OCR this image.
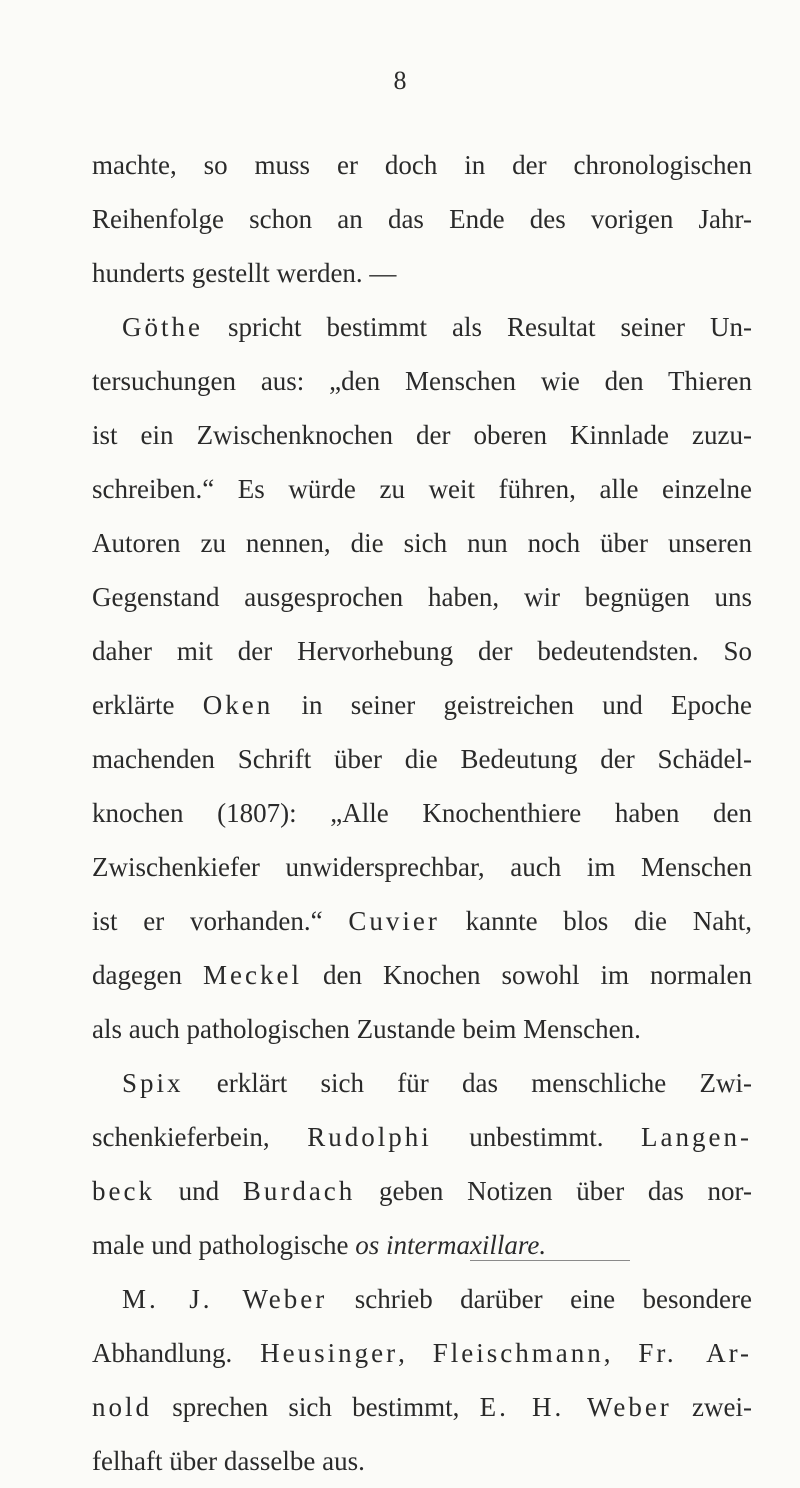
8
machte, so muss er doch in der chronologischen
Reihenfolge schon an das Ende des vorigen Jahr-
hunderts gestellt werden. —
Göthe spricht bestimmt als Resultat seiner Un-
tersuchungen aus: „den Menschen wie den Thieren
ist ein Zwischenknochen der oberen Kinnlade zuzu-
schreiben.“ Es würde zu weit führen, alle einzelne
Autoren zu nennen, die sich nun noch über unseren
Gegenstand ausgesprochen haben, wir begnügen uns
daher mit der Hervorhebung der bedeutendsten. So
erklärte Oken in seiner geistreichen und Epoche
machenden Schrift über die Bedeutung der Schädel-
knochen (1807): „Alle Knochenthiere haben den
Zwischenkiefer unwidersprechbar, auch im Menschen
ist er vorhanden.“ Cuvier kannte blos die Naht,
dagegen Meckel den Knochen sowohl im normalen
als auch pathologischen Zustande beim Menschen.
Spix erklärt sich für das menschliche Zwi-
schenkieferbein, Rudolphi unbestimmt. Langen-
beck und Burdach geben Notizen über das nor-
male und pathologische os intermaxillare.
M. J. Weber schrieb darüber eine besondere
Abhandlung. Heusinger, Fleischmann, Fr. Ar-
nold sprechen sich bestimmt, E. H. Weber zwei-
felhaft über dasselbe aus.
